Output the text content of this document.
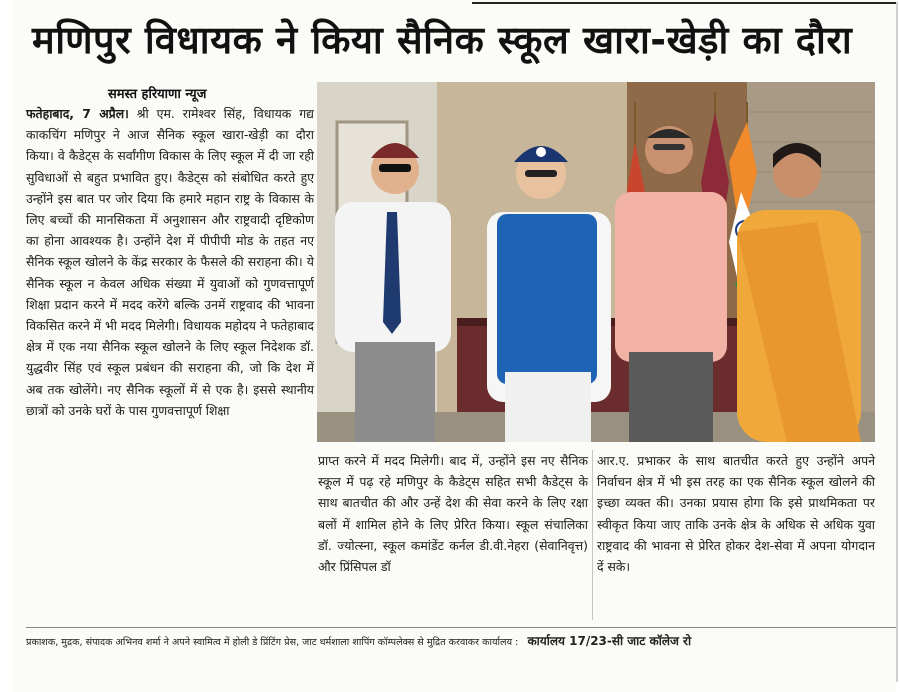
मणिपुर विधायक ने किया सैनिक स्कूल खारा-खेड़ी का दौरा
समस्त हरियाणा न्यूज
फतेहाबाद, 7 अप्रैल। श्री एम. रामेश्वर सिंह, विधायक गद्य काकचिंग मणिपुर ने आज सैनिक स्कूल खारा-खेड़ी का दौरा किया। वे कैडेट्स के सर्वांगीण विकास के लिए स्कूल में दी जा रही सुविधाओं से बहुत प्रभावित हुए। कैडेट्स को संबोधित करते हुए उन्होंने इस बात पर जोर दिया कि हमारे महान राष्ट्र के विकास के लिए बच्चों की मानसिकता में अनुशासन और राष्ट्रवादी दृष्टिकोण का होना आवश्यक है। उन्होंने देश में पीपीपी मोड के तहत नए सैनिक स्कूल खोलने के केंद्र सरकार के फैसले की सराहना की। ये सैनिक स्कूल न केवल अधिक संख्या में युवाओं को गुणवत्तापूर्ण शिक्षा प्रदान करने में मदद करेंगे बल्कि उनमें राष्ट्रवाद की भावना विकसित करने में भी मदद मिलेगी। विधायक महोदय ने फतेहाबाद क्षेत्र में एक नया सैनिक स्कूल खोलने के लिए स्कूल निदेशक डॉ. युद्धवीर सिंह एवं स्कूल प्रबंधन की सराहना की, जो कि देश में अब तक खोलेंगे। नए सैनिक स्कूलों में से एक है। इससे स्थानीय छात्रों को उनके घरों के पास गुणवत्तापूर्ण शिक्षा
प्राप्त करने में मदद मिलेगी। बाद में, उन्होंने इस नए सैनिक स्कूल में पढ़ रहे मणिपुर के कैडेट्स सहित सभी कैडेट्स के साथ बातचीत की और उन्हें देश की सेवा करने के लिए रक्षा बलों में शामिल होने के लिए प्रेरित किया। स्कूल संचालिका डॉ. ज्योत्स्ना, स्कूल कमांडेंट कर्नल डी.वी.नेहरा (सेवानिवृत्त) और प्रिंसिपल डॉ
आर.ए. प्रभाकर के साथ बातचीत करते हुए उन्होंने अपने निर्वाचन क्षेत्र में भी इस तरह का एक सैनिक स्कूल खोलने की इच्छा व्यक्त की। उनका प्रयास होगा कि इसे प्राथमिकता पर स्वीकृत किया जाए ताकि उनके क्षेत्र के अधिक से अधिक युवा राष्ट्रवाद की भावना से प्रेरित होकर देश-सेवा में अपना योगदान दें सके।
प्रकाशक, मुद्रक, संपादक अभिनव शर्मा ने अपने स्वामित्व में होली डे प्रिंटिंग प्रेस, जाट धर्मशाला शापिंग कॉम्पलेक्स से मुद्रित करवाकर कार्यालय : कार्यालय 17/23-सी जाट कॉलेज रो
